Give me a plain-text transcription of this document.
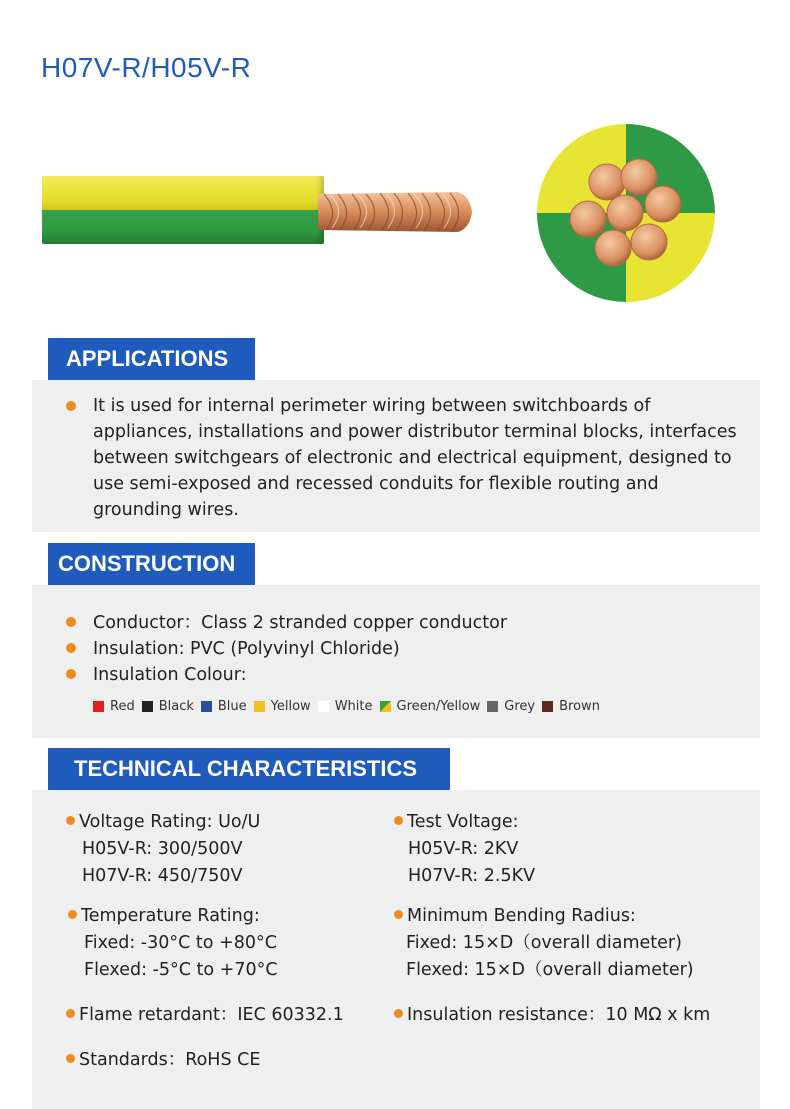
H07V-R/H05V-R
APPLICATIONS
It is used for internal perimeter wiring between switchboards of appliances, installations and power distributor terminal blocks, interfaces between switchgears of electronic and electrical equipment, designed to use semi-exposed and recessed conduits for flexible routing and grounding wires.
CONSTRUCTION
Conductor：Class 2 stranded copper conductor
Insulation: PVC (Polyvinyl Chloride)
Insulation Colour:
Red Black Blue Yellow White Green/Yellow Grey Brown
TECHNICAL CHARACTERISTICS
Voltage Rating: Uo/U
H05V-R: 300/500V
H07V-R: 450/750V
Test Voltage:
H05V-R: 2KV
H07V-R: 2.5KV
Temperature Rating:
Fixed: -30°C to +80°C
Flexed: -5°C to +70°C
Minimum Bending Radius:
Fixed: 15×D（overall diameter)
Flexed: 15×D（overall diameter)
Flame retardant：IEC 60332.1	Insulation resistance：10 MΩ x km
Standards：RoHS CE
